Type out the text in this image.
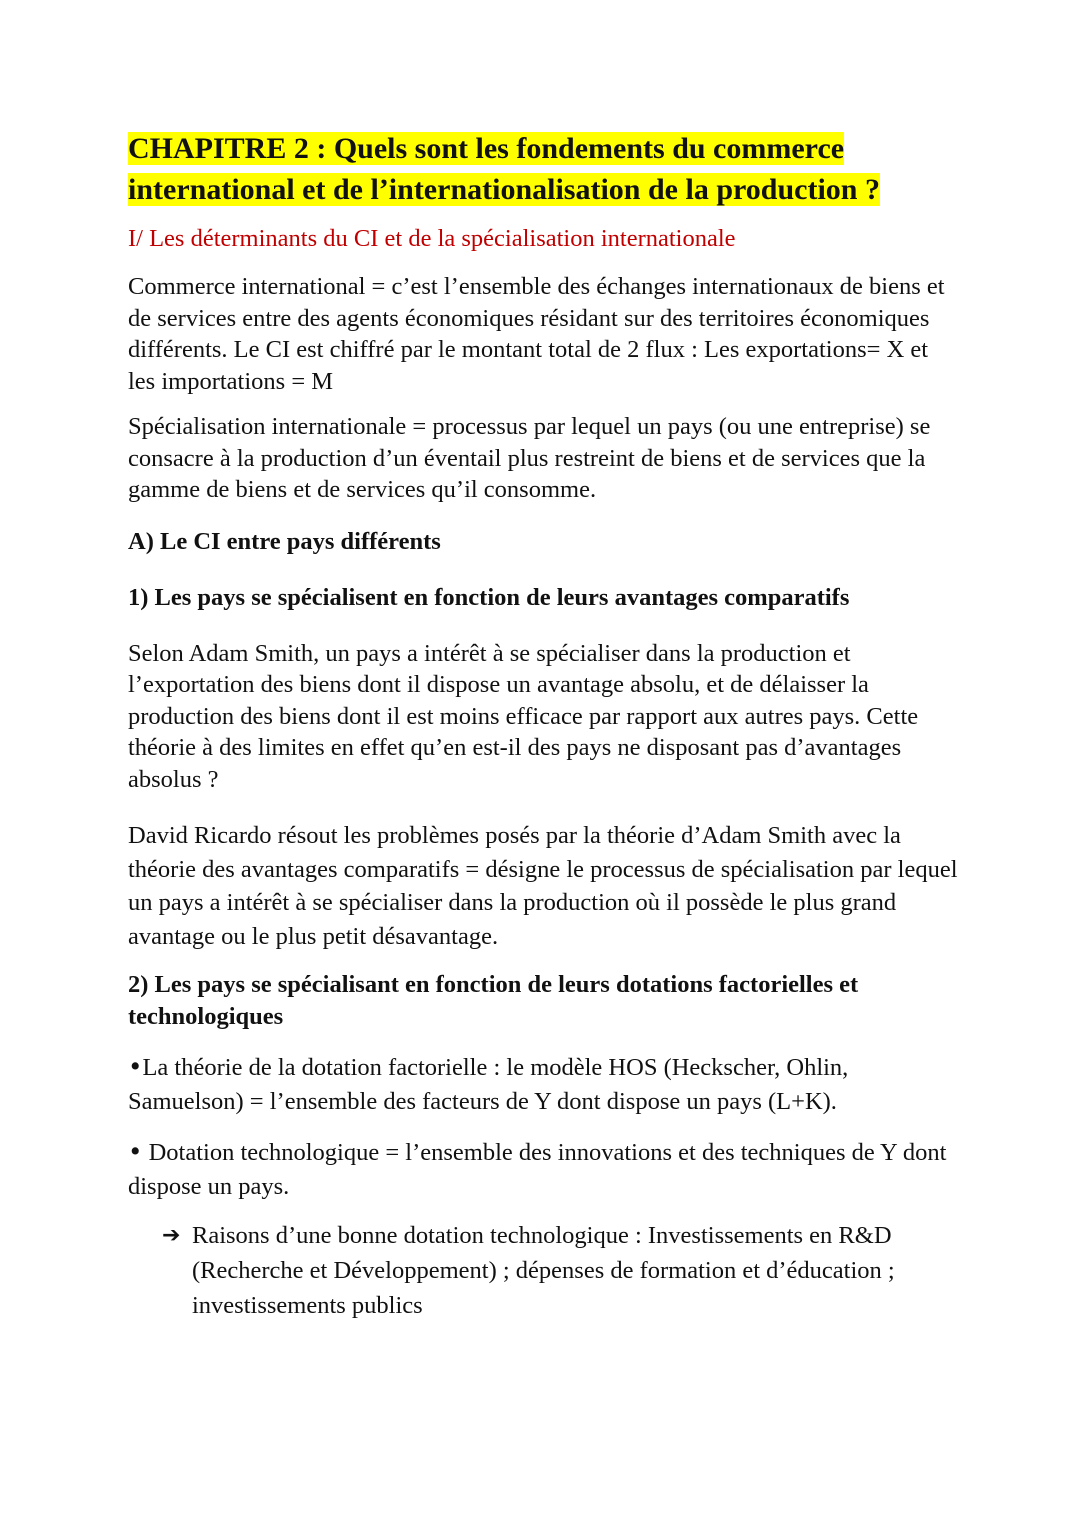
CHAPITRE 2 : Quels sont les fondements du commerce international et de l’internationalisation de la production ?
I/ Les déterminants du CI et de la spécialisation internationale

Commerce international = c’est l’ensemble des échanges internationaux de biens et de services entre des agents économiques résidant sur des territoires économiques différents. Le CI est chiffré par le montant total de 2 flux : Les exportations= X et les importations = M

Spécialisation internationale = processus par lequel un pays (ou une entreprise) se consacre à la production d’un éventail plus restreint de biens et de services que la gamme de biens et de services qu’il consomme.

A) Le CI entre pays différents
1) Les pays se spécialisent en fonction de leurs avantages comparatifs

Selon Adam Smith, un pays a intérêt à se spécialiser dans la production et l’exportation des biens dont il dispose un avantage absolu, et de délaisser la production des biens dont il est moins efficace par rapport aux autres pays. Cette théorie à des limites en effet qu’en est-il des pays ne disposant pas d’avantages absolus ?

David Ricardo résout les problèmes posés par la théorie d’Adam Smith avec la théorie des avantages comparatifs = désigne le processus de spécialisation par lequel un pays a intérêt à se spécialiser dans la production où il possède le plus grand avantage ou le plus petit désavantage.

2) Les pays se spécialisant en fonction de leurs dotations factorielles et technologiques

•La théorie de la dotation factorielle : le modèle HOS (Heckscher, Ohlin, Samuelson) = l’ensemble des facteurs de Y dont dispose un pays (L+K).

• Dotation technologique = l’ensemble des innovations et des techniques de Y dont dispose un pays.

➔ Raisons d’une bonne dotation technologique : Investissements en R&D (Recherche et Développement) ; dépenses de formation et d’éducation ; investissements publics
